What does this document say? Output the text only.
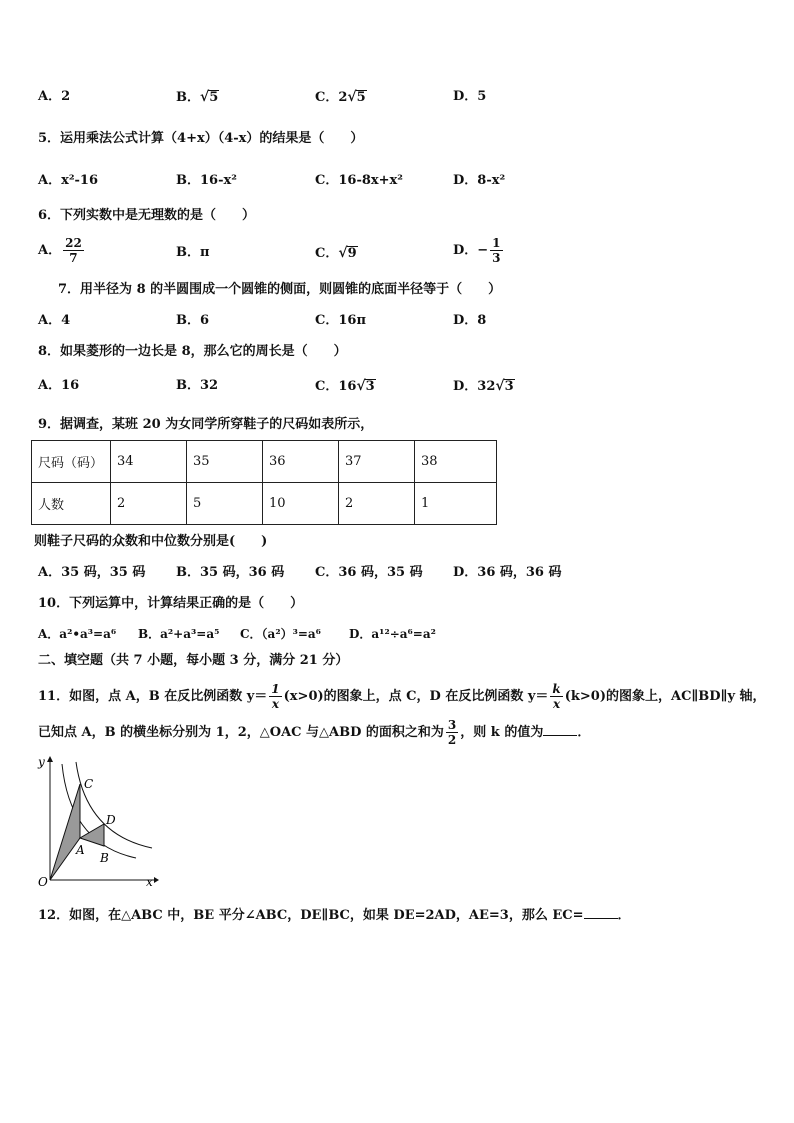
A．2	B．√5	C．2√5	D．5
5．运用乘法公式计算（4+x）（4-x）的结果是（　　）
A．x²-16	B．16-x²	C．16-8x+x²	D．8-x²
6．下列实数中是无理数的是（　　）
A． $\frac{22}{7}$	B．π	C．√9	D．− $\frac{1}{3}$
7．用半径为 8 的半圆围成一个圆锥的侧面，则圆锥的底面半径等于（　　）
A．4	B．6	C．16π	D．8
8．如果菱形的一边长是 8，那么它的周长是（　　）
A．16	B．32	C．16√3	D．32√3
9．据调查，某班 20 为女同学所穿鞋子的尺码如表所示，
尺码（码）	34	35	36	37	38
人数	2	5	10	2	1
则鞋子尺码的众数和中位数分别是(　　)
A．35 码，35 码 B．35 码，36 码 C．36 码，35 码 D．36 码，36 码
10．下列运算中，计算结果正确的是（　　）
A．a²•a³=a⁶ B．a²+a³=a⁵ C．（a²）³=a⁶ D．a¹²÷a⁶=a²
二、填空题（共 7 小题，每小题 3 分，满分 21 分）
11．如图，点 A，B 在反比例函数 $y= \frac{1}{x} (x>0)$的图象上，点 C，D 在反比例函数 $y= \frac{k}{x} (k>0)$的图象上，AC∥BD∥y 轴，
已知点 A，B 的横坐标分别为 1，2，△OAC 与△ABD 的面积之和为 $\frac{3}{2}$ ，则 k 的值为	．
y
x
O
A
B
C
D
12．如图，在△ABC 中，BE 平分∠ABC，DE∥BC，如果 DE=2AD，AE=3，那么 EC=	．
